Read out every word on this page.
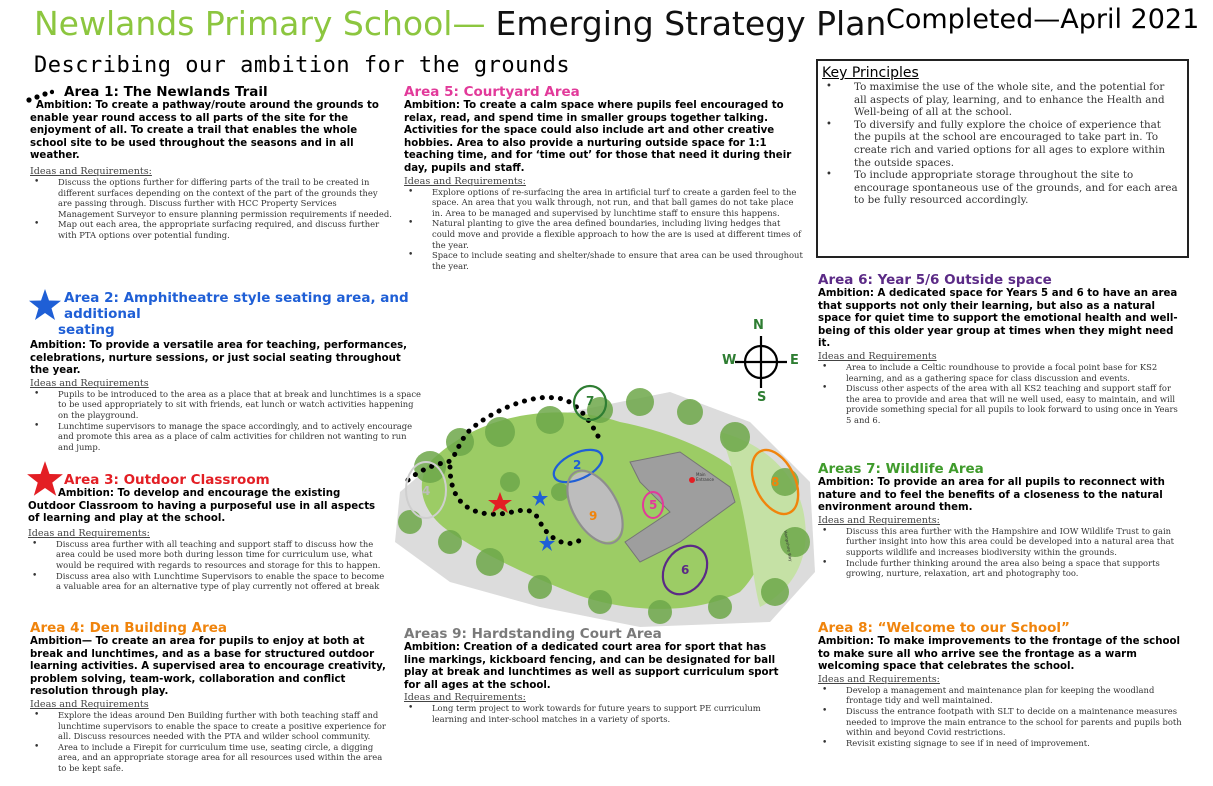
Newlands Primary School— Emerging Strategy Plan Completed—April 2021
Describing our ambition for the grounds
Area 1: The Newlands Trail
Ambition: To create a pathway/route around the grounds to enable year round access to all parts of the site for the enjoyment of all. To create a trail that enables the whole school site to be used throughout the seasons and in all weather.
Ideas and Requirements:
• Discuss the options further for differing parts of the trail to be created in different surfaces depending on the context of the part of the grounds they are passing through. Discuss further with HCC Property Services Management Surveyor to ensure planning permission requirements if needed.
• Map out each area, the appropriate surfacing required, and discuss further with PTA options over potential funding.
Area 2: Amphitheatre style seating area, and additional
seating
Ambition: To provide a versatile area for teaching, performances, celebrations, nurture sessions, or just social seating throughout the year.
Ideas and Requirements
• Pupils to be introduced to the area as a place that at break and lunchtimes is a space to be used appropriately to sit with friends, eat lunch or watch activities happening on the playground.
• Lunchtime supervisors to manage the space accordingly, and to actively encourage and promote this area as a place of calm activities for children not wanting to run and jump.
Area 3: Outdoor Classroom
Ambition: To develop and encourage the existing Outdoor Classroom to having a purposeful use in all aspects of learning and play at the school.
Ideas and Requirements:
• Discuss area further with all teaching and support staff to discuss how the area could be used more both during lesson time for curriculum use, what would be required with regards to resources and storage for this to happen.
• Discuss area also with Lunchtime Supervisors to enable the space to become a valuable area for an alternative type of play currently not offered at break
Area 4: Den Building Area
Ambition— To create an area for pupils to enjoy at both at break and lunchtimes, and as a base for structured outdoor learning activities. A supervised area to encourage creativity, problem solving, team-work, collaboration and conflict resolution through play.
Ideas and Requirements
• Explore the ideas around Den Building further with both teaching staff and lunchtime supervisors to enable the space to create a positive experience for all. Discuss resources needed with the PTA and wilder school community.
• Area to include a Firepit for curriculum time use, seating circle, a digging area, and an appropriate storage area for all resources used within the area to be kept safe.
Area 5: Courtyard Area
Ambition: To create a calm space where pupils feel encouraged to relax, read, and spend time in smaller groups together talking. Activities for the space could also include art and other creative hobbies. Area to also provide a nurturing outside space for 1:1 teaching time, and for ‘time out’ for those that need it during their day, pupils and staff.
Ideas and Requirements:
• Explore options of re-surfacing the area in artificial turf to create a garden feel to the space. An area that you walk through, not run, and that ball games do not take place in. Area to be managed and supervised by lunchtime staff to ensure this happens.
• Natural planting to give the area defined boundaries, including living hedges that could move and provide a flexible approach to how the are is used at different times of the year.
• Space to include seating and shelter/shade to ensure that area can be used throughout the year.
Key Principles
• To maximise the use of the whole site, and the potential for all aspects of play, learning, and to enhance the Health and Well-being of all at the school.
• To diversify and fully explore the choice of experience that the pupils at the school are encouraged to take part in. To create rich and varied options for all ages to explore within the outside spaces.
• To include appropriate storage throughout the site to encourage spontaneous use of the grounds, and for each area to be fully resourced accordingly.
Area 6: Year 5/6 Outside space
Ambition: A dedicated space for Years 5 and 6 to have an area that supports not only their learning, but also as a natural space for quiet time to support the emotional health and well-being of this older year group at times when they might need it.
Ideas and Requirements
• Area to include a Celtic roundhouse to provide a focal point base for KS2 learning, and as a gathering space for class discussion and events.
• Discuss other aspects of the area with all KS2 teaching and support staff for the area to provide and area that will ne well used, easy to maintain, and will provide something special for all pupils to look forward to using once in Years 5 and 6.
Areas 7: Wildlife Area
Ambition: To provide an area for all pupils to reconnect with nature and to feel the benefits of a closeness to the natural environment around them.
Ideas and Requirements:
• Discuss this area further with the Hampshire and IOW Wildlife Trust to gain further insight into how this area could be developed into a natural area that supports wildlife and increases biodiversity within the grounds.
• Include further thinking around the area also being a space that supports growing, nurture, relaxation, art and photography too.
Area 8: “Welcome to our School”
Ambition: To make improvements to the frontage of the school to make sure all who arrive see the frontage as a warm welcoming space that celebrates the school.
Ideas and Requirements:
• Develop a management and maintenance plan for keeping the woodland frontage tidy and well maintained.
• Discuss the entrance footpath with SLT to decide on a maintenance measures needed to improve the main entrance to the school for parents and pupils both within and beyond Covid restrictions.
• Revisit existing signage to see if in need of improvement.
Areas 9: Hardstanding Court Area
Ambition: Creation of a dedicated court area for sport that has line markings, kickboard fencing, and can be designated for ball play at break and lunchtimes as well as support curriculum sport for all ages at the school.
Ideas and Requirements:
• Long term project to work towards for future years to support PE curriculum learning and inter-school matches in a variety of sports.
N
E
W
S
7
2
4
9
5
6
8
Main Entrance
Hampshire Way
